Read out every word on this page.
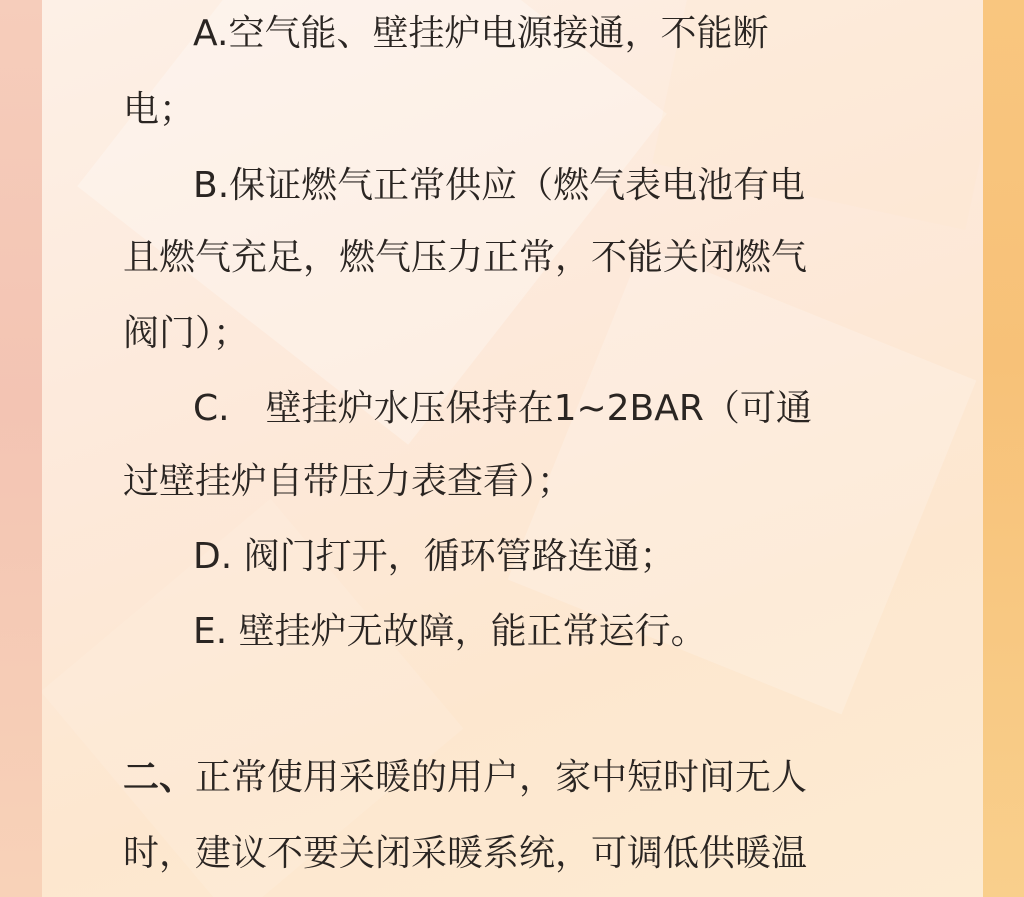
A.空气能、壁挂炉电源接通，不能断
电；
B.保证燃气正常供应（燃气表电池有电
且燃气充足，燃气压力正常，不能关闭燃气
阀门）；
C.　壁挂炉水压保持在1~2BAR（可通
过壁挂炉自带压力表查看）；
D. 阀门打开，循环管路连通；
E. 壁挂炉无故障，能正常运行。
二、正常使用采暖的用户，家中短时间无人
时，建议不要关闭采暖系统，可调低供暖温
